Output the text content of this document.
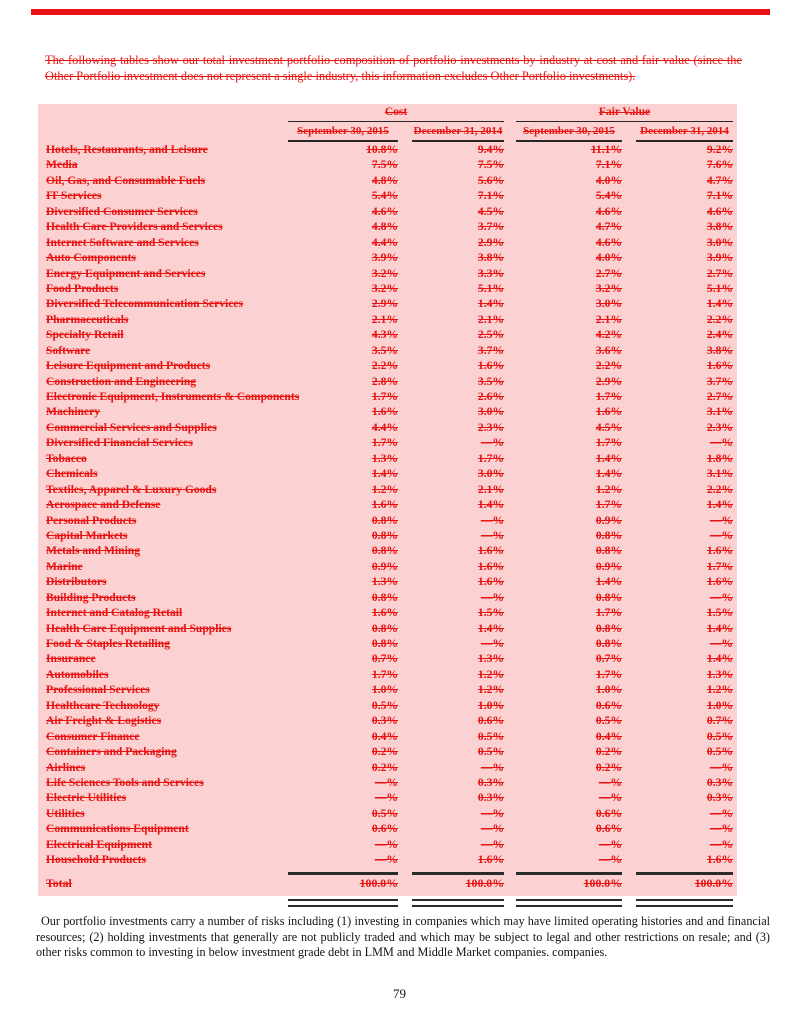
The following tables show our total investment portfolio composition of portfolio investments by industry at cost and fair value (since the Other Portfolio investment does not represent a single industry, this information excludes Other Portfolio investments).

Cost	Fair Value
September 30, 2015	December 31, 2014	September 30, 2015	December 31, 2014
Hotels, Restaurants, and Leisure	10.8%	9.4%	11.1%	9.2%
Media	7.5%	7.5%	7.1%	7.6%
Oil, Gas, and Consumable Fuels	4.8%	5.6%	4.0%	4.7%
IT Services	5.4%	7.1%	5.4%	7.1%
Diversified Consumer Services	4.6%	4.5%	4.6%	4.6%
Health Care Providers and Services	4.8%	3.7%	4.7%	3.8%
Internet Software and Services	4.4%	2.9%	4.6%	3.0%
Auto Components	3.9%	3.8%	4.0%	3.9%
Energy Equipment and Services	3.2%	3.3%	2.7%	2.7%
Food Products	3.2%	5.1%	3.2%	5.1%
Diversified Telecommunication Services	2.9%	1.4%	3.0%	1.4%
Pharmaceuticals	2.1%	2.1%	2.1%	2.2%
Specialty Retail	4.3%	2.5%	4.2%	2.4%
Software	3.5%	3.7%	3.6%	3.8%
Leisure Equipment and Products	2.2%	1.6%	2.2%	1.6%
Construction and Engineering	2.8%	3.5%	2.9%	3.7%
Electronic Equipment, Instruments & Components	1.7%	2.6%	1.7%	2.7%
Machinery	1.6%	3.0%	1.6%	3.1%
Commercial Services and Supplies	4.4%	2.3%	4.5%	2.3%
Diversified Financial Services	1.7%	—%	1.7%	—%
Tobacco	1.3%	1.7%	1.4%	1.8%
Chemicals	1.4%	3.0%	1.4%	3.1%
Textiles, Apparel & Luxury Goods	1.2%	2.1%	1.2%	2.2%
Aerospace and Defense	1.6%	1.4%	1.7%	1.4%
Personal Products	0.8%	—%	0.9%	—%
Capital Markets	0.8%	—%	0.8%	—%
Metals and Mining	0.8%	1.6%	0.8%	1.6%
Marine	0.9%	1.6%	0.9%	1.7%
Distributors	1.3%	1.6%	1.4%	1.6%
Building Products	0.8%	—%	0.8%	—%
Internet and Catalog Retail	1.6%	1.5%	1.7%	1.5%
Health Care Equipment and Supplies	0.8%	1.4%	0.8%	1.4%
Food & Staples Retailing	0.8%	—%	0.8%	—%
Insurance	0.7%	1.3%	0.7%	1.4%
Automobiles	1.7%	1.2%	1.7%	1.3%
Professional Services	1.0%	1.2%	1.0%	1.2%
Healthcare Technology	0.5%	1.0%	0.6%	1.0%
Air Freight & Logistics	0.3%	0.6%	0.5%	0.7%
Consumer Finance	0.4%	0.5%	0.4%	0.5%
Containers and Packaging	0.2%	0.5%	0.2%	0.5%
Airlines	0.2%	—%	0.2%	—%
Life Sciences Tools and Services	—%	0.3%	—%	0.3%
Electric Utilities	—%	0.3%	—%	0.3%
Utilities	0.5%	—%	0.6%	—%
Communications Equipment	0.6%	—%	0.6%	—%
Electrical Equipment	—%	—%	—%	—%
Household Products	—%	1.6%	—%	1.6%
Total	100.0%	100.0%	100.0%	100.0%

Our portfolio investments carry a number of risks including (1) investing in companies which may have limited operating histories and and financial resources; (2) holding investments that generally are not publicly traded and which may be subject to legal and other restrictions on resale; and (3) other risks common to investing in below investment grade debt in LMM and Middle Market companies. companies.

79
